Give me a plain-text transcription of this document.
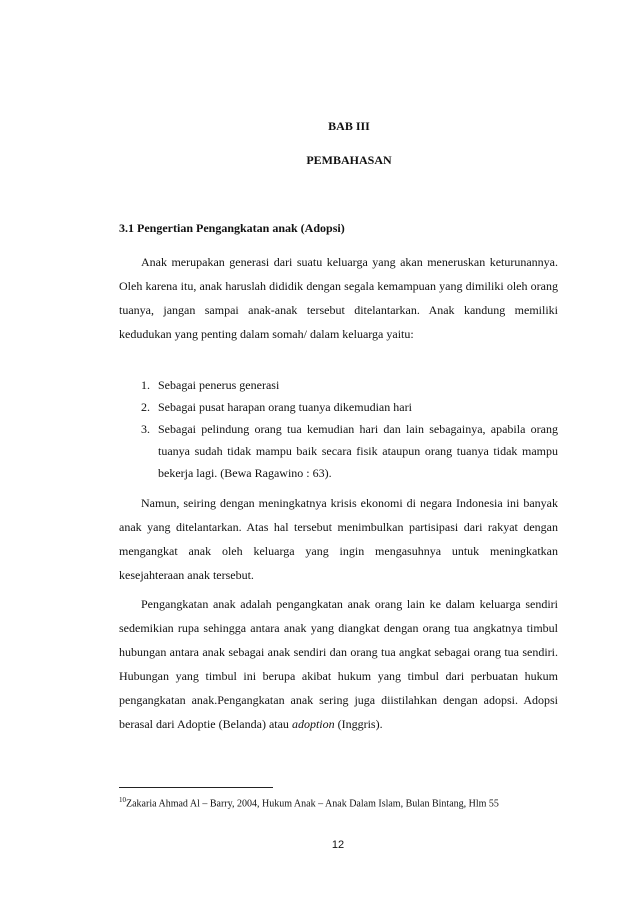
BAB III
PEMBAHASAN
3.1 Pengertian Pengangkatan anak (Adopsi)

Anak merupakan generasi dari suatu keluarga yang akan meneruskan keturunannya. Oleh karena itu, anak haruslah dididik dengan segala kemampuan yang dimiliki oleh orang tuanya, jangan sampai anak-anak tersebut ditelantarkan. Anak kandung memiliki kedudukan yang penting dalam somah/ dalam keluarga yaitu:

1. Sebagai penerus generasi
2. Sebagai pusat harapan orang tuanya dikemudian hari
3. Sebagai pelindung orang tua kemudian hari dan lain sebagainya, apabila orang tuanya sudah tidak mampu baik secara fisik ataupun orang tuanya tidak mampu bekerja lagi. (Bewa Ragawino : 63).

Namun, seiring dengan meningkatnya krisis ekonomi di negara Indonesia ini banyak anak yang ditelantarkan. Atas hal tersebut menimbulkan partisipasi dari rakyat dengan mengangkat anak oleh keluarga yang ingin mengasuhnya untuk meningkatkan kesejahteraan anak tersebut.

Pengangkatan anak adalah pengangkatan anak orang lain ke dalam keluarga sendiri sedemikian rupa sehingga antara anak yang diangkat dengan orang tua angkatnya timbul hubungan antara anak sebagai anak sendiri dan orang tua angkat sebagai orang tua sendiri. Hubungan yang timbul ini berupa akibat hukum yang timbul dari perbuatan hukum pengangkatan anak.Pengangkatan anak sering juga diistilahkan dengan adopsi. Adopsi berasal dari Adoptie (Belanda) atau adoption (Inggris).

$^{10}$Zakaria Ahmad Al – Barry, 2004, Hukum Anak – Anak Dalam Islam, Bulan Bintang, Hlm 55
12
